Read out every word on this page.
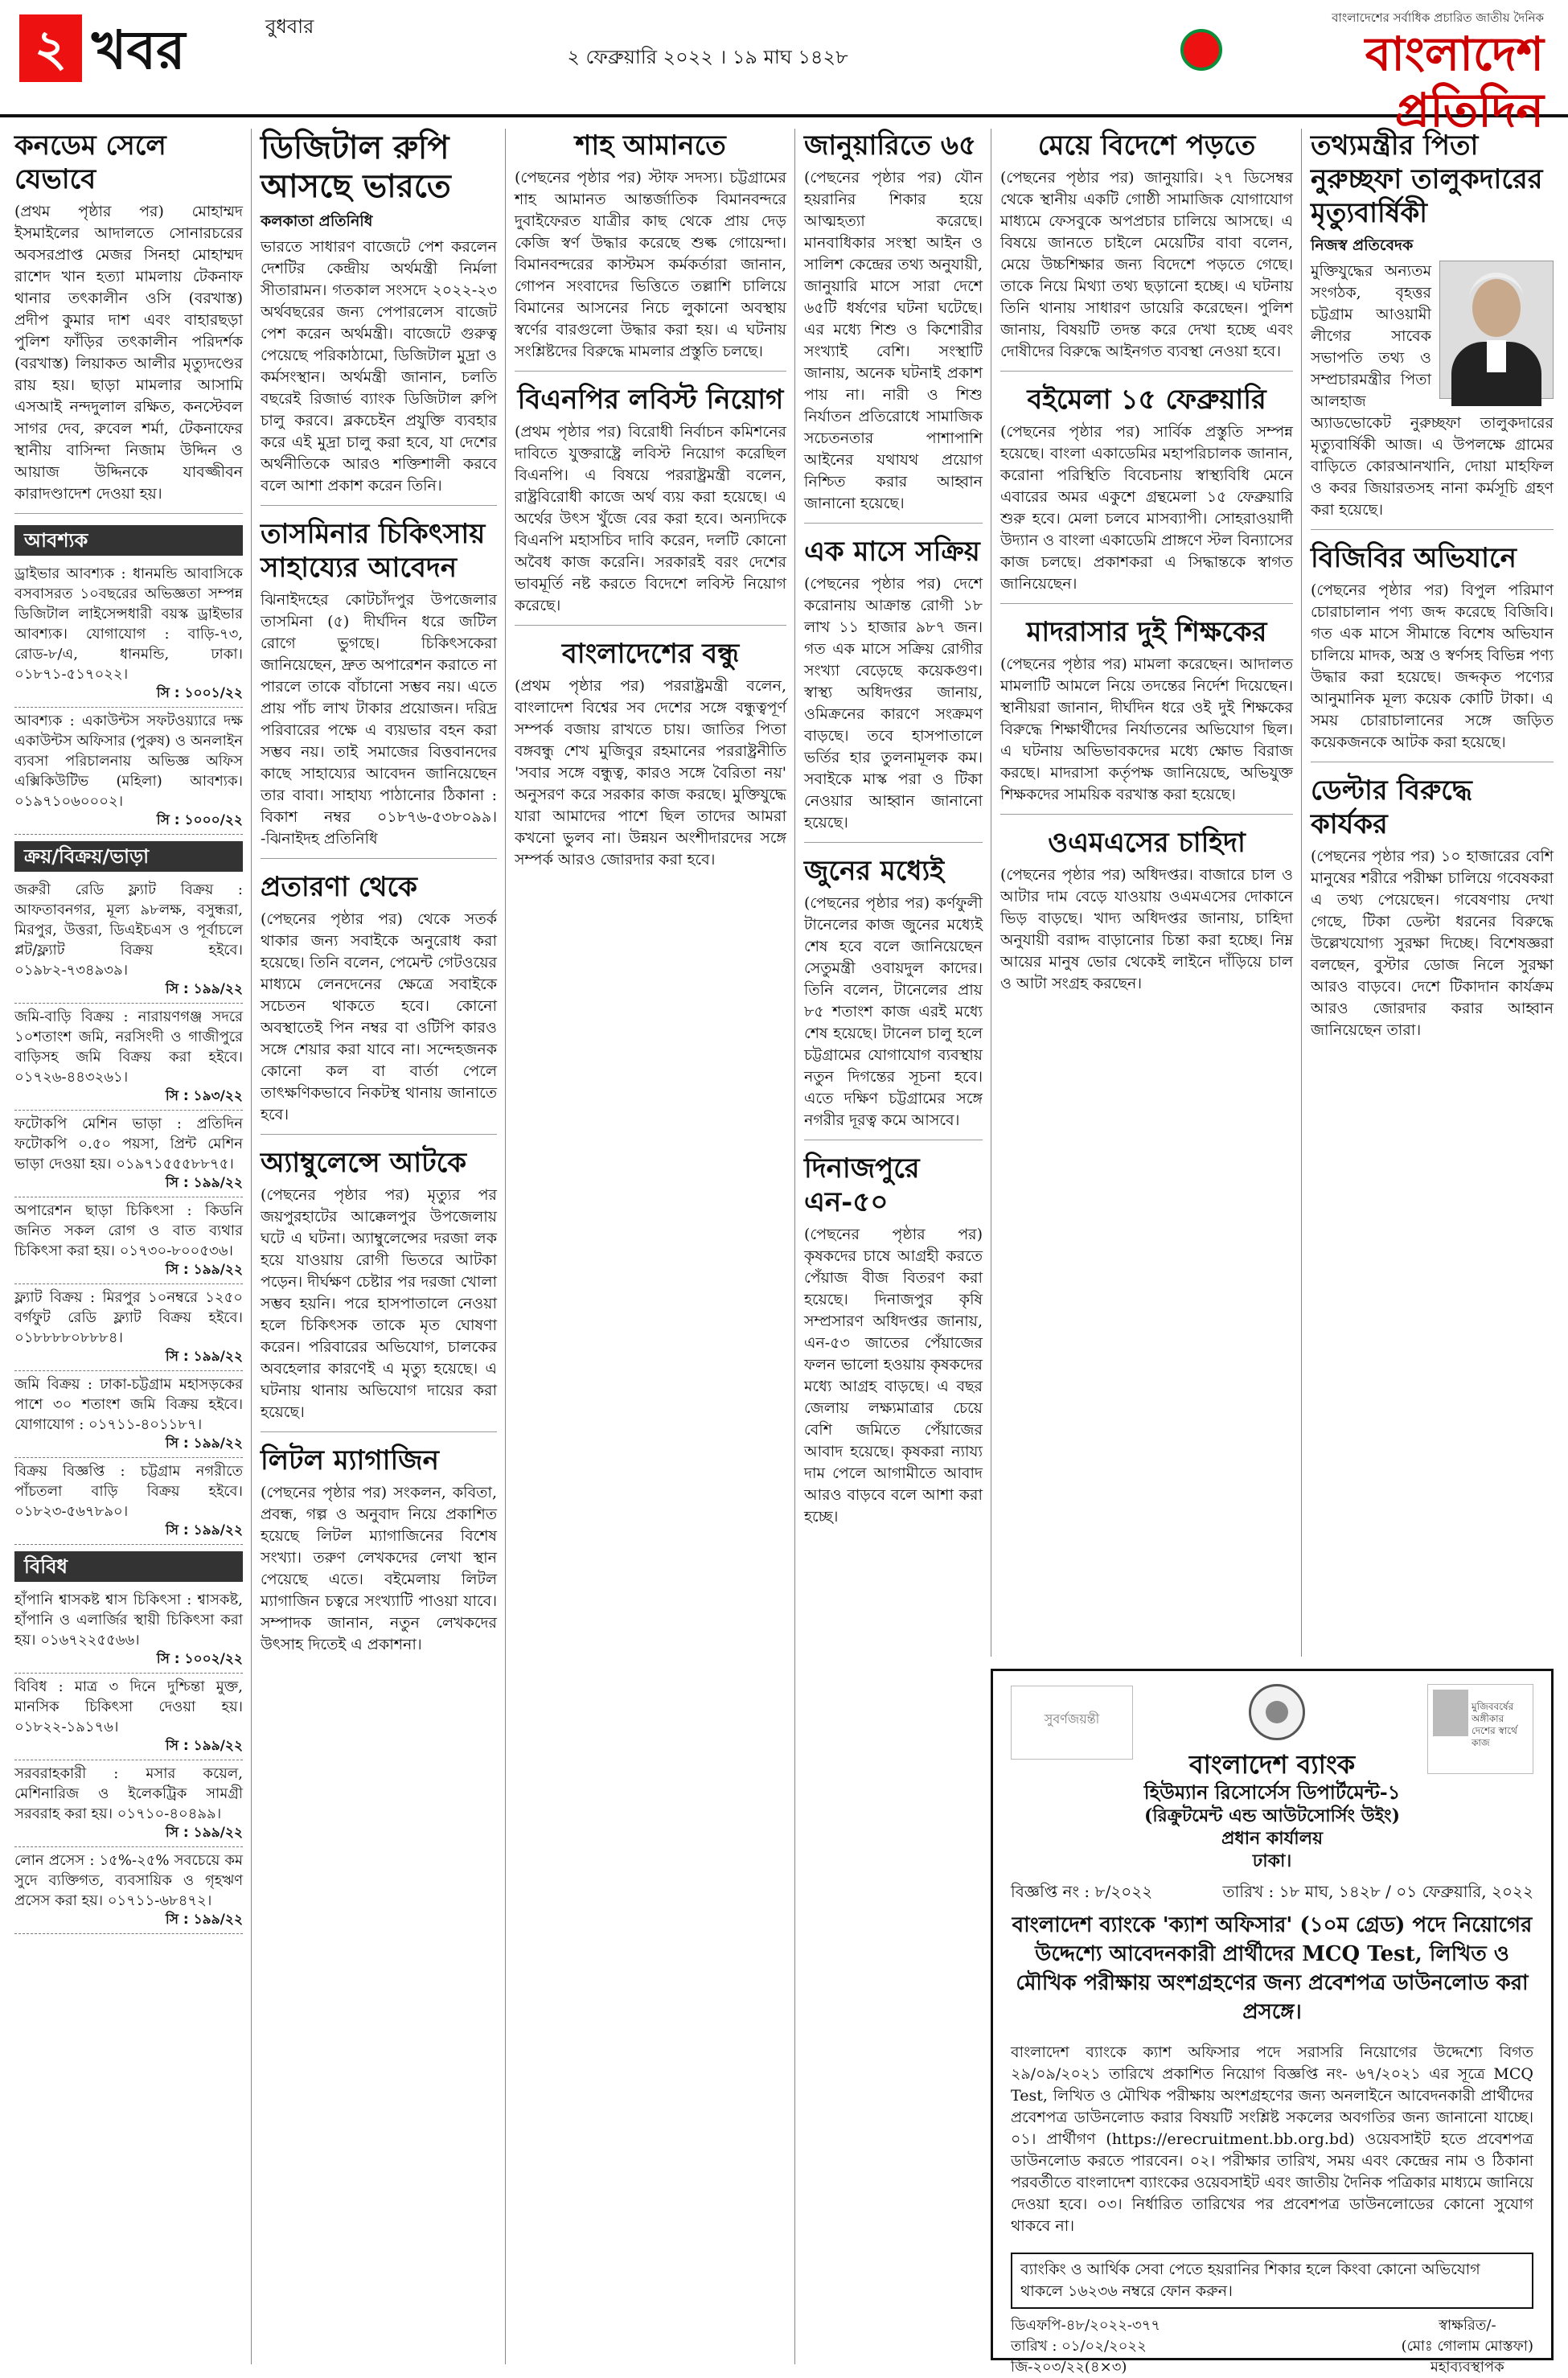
২ খবর	বুধবার
২ ফেব্রুয়ারি ২০২২ । ১৯ মাঘ ১৪২৮
বাংলাদেশের সর্বাধিক প্রচারিত জাতীয় দৈনিক
বাংলাদেশ প্রতিদিন
কনডেম সেলে যেভাবে

(প্রথম পৃষ্ঠার পর) মোহাম্মদ ইসমাইলের আদালতে সোনারচরের অবসরপ্রাপ্ত মেজর সিনহা মোহাম্মদ রাশেদ খান হত্যা মামলায় টেকনাফ থানার তৎকালীন ওসি (বরখাস্ত) প্রদীপ কুমার দাশ এবং বাহারছড়া পুলিশ ফাঁড়ির তৎকালীন পরিদর্শক (বরখাস্ত) লিয়াকত আলীর মৃত্যুদণ্ডের রায় হয়। ছাড়া মামলার আসামি এসআই নন্দদুলাল রক্ষিত, কনস্টেবল সাগর দেব, রুবেল শর্মা, টেকনাফের স্থানীয় বাসিন্দা নিজাম উদ্দিন ও আয়াজ উদ্দিনকে যাবজ্জীবন কারাদণ্ডাদেশ দেওয়া হয়।

আবশ্যক

ড্রাইভার আবশ্যক : ধানমন্ডি আবাসিকে বসবাসরত ১০বছরের অভিজ্ঞতা সম্পন্ন ডিজিটাল লাইসেন্সধারী বয়স্ক ড্রাইভার আবশ্যক। যোগাযোগ : বাড়ি-৭৩, রোড-৮/এ, ধানমন্ডি, ঢাকা। ০১৮৭১-৫১৭০২২।

সি : ১০০১/২২

আবশ্যক : একাউন্টস সফটওয়্যারে দক্ষ একাউন্টস অফিসার (পুরুষ) ও অনলাইন ব্যবসা পরিচালনায় অভিজ্ঞ অফিস এক্সিকিউটিভ (মহিলা) আবশ্যক। ০১৯৭১০৬০০০২।

সি : ১০০০/২২
ক্রয়/বিক্রয়/ভাড়া

জরুরী রেডি ফ্ল্যাট বিক্রয় : আফতাবনগর, মূল্য ৯৮লক্ষ, বসুন্ধরা, মিরপুর, উত্তরা, ডিএইচএস ও পূর্বাচলে প্লট/ফ্ল্যাট বিক্রয় হইবে। ০১৯৮২-৭৩৪৯৩৯।

সি : ১৯৯/২২

জমি-বাড়ি বিক্রয় : নারায়ণগঞ্জ সদরে ১০শতাংশ জমি, নরসিংদী ও গাজীপুরে বাড়িসহ জমি বিক্রয় করা হইবে। ০১৭২৬-৪৪৩২৬১।

সি : ১৯৩/২২

ফটোকপি মেশিন ভাড়া : প্রতিদিন ফটোকপি ০.৫০ পয়সা, প্রিন্ট মেশিন ভাড়া দেওয়া হয়। ০১৯৭১৫৫৫৮৮৭৫।

সি : ১৯৯/২২

অপারেশন ছাড়া চিকিৎসা : কিডনি জনিত সকল রোগ ও বাত ব্যথার চিকিৎসা করা হয়। ০১৭৩০-৮০০৫৩৬।

সি : ১৯৯/২২

ফ্ল্যাট বিক্রয় : মিরপুর ১০নম্বরে ১২৫০ বর্গফুট রেডি ফ্ল্যাট বিক্রয় হইবে। ০১৮৮৮৮০৮৮৮৪।

সি : ১৯৯/২২

জমি বিক্রয় : ঢাকা-চট্টগ্রাম মহাসড়কের পাশে ৩০ শতাংশ জমি বিক্রয় হইবে। যোগাযোগ : ০১৭১১-৪০১১৮৭।

সি : ১৯৯/২২

বিক্রয় বিজ্ঞপ্তি : চট্টগ্রাম নগরীতে পাঁচতলা বাড়ি বিক্রয় হইবে। ০১৮২৩-৫৬৭৮৯০।

সি : ১৯৯/২২
বিবিধ

হাঁপানি শ্বাসকষ্ট শ্বাস চিকিৎসা : শ্বাসকষ্ট, হাঁপানি ও এলার্জির স্থায়ী চিকিৎসা করা হয়। ০১৬৭২২৫৫৬৬।

সি : ১০০২/২২

বিবিধ : মাত্র ৩ দিনে দুশ্চিন্তা মুক্ত, মানসিক চিকিৎসা দেওয়া হয়। ০১৮২২-১৯১৭৬।

সি : ১৯৯/২২

সরবরাহকারী : মসার কয়েল, মেশিনারিজ ও ইলেকট্রিক সামগ্রী সরবরাহ করা হয়। ০১৭১০-৪০৪৯৯।

সি : ১৯৯/২২

লোন প্রসেস : ১৫%-২৫% সবচেয়ে কম সুদে ব্যক্তিগত, ব্যবসায়িক ও গৃহঋণ প্রসেস করা হয়। ০১৭১১-৬৮৪৭২।

সি : ১৯৯/২২
ডিজিটাল রুপি আসছে ভারতে
কলকাতা প্রতিনিধি

ভারতে সাধারণ বাজেটে পেশ করলেন দেশটির কেন্দ্রীয় অর্থমন্ত্রী নির্মলা সীতারামন। গতকাল সংসদে ২০২২-২৩ অর্থবছরের জন্য পেপারলেস বাজেট পেশ করেন অর্থমন্ত্রী। বাজেটে গুরুত্ব পেয়েছে পরিকাঠামো, ডিজিটাল মুদ্রা ও কর্মসংস্থান। অর্থমন্ত্রী জানান, চলতি বছরেই রিজার্ভ ব্যাংক ডিজিটাল রুপি চালু করবে। ব্লকচেইন প্রযুক্তি ব্যবহার করে এই মুদ্রা চালু করা হবে, যা দেশের অর্থনীতিকে আরও শক্তিশালী করবে বলে আশা প্রকাশ করেন তিনি।

তাসমিনার চিকিৎসায় সাহায্যের আবেদন

ঝিনাইদহের কোটচাঁদপুর উপজেলার তাসমিনা (৫) দীর্ঘদিন ধরে জটিল রোগে ভুগছে। চিকিৎসকেরা জানিয়েছেন, দ্রুত অপারেশন করাতে না পারলে তাকে বাঁচানো সম্ভব নয়। এতে প্রায় পাঁচ লাখ টাকার প্রয়োজন। দরিদ্র পরিবারের পক্ষে এ ব্যয়ভার বহন করা সম্ভব নয়। তাই সমাজের বিত্তবানদের কাছে সাহায্যের আবেদন জানিয়েছেন তার বাবা। সাহায্য পাঠানোর ঠিকানা : বিকাশ নম্বর ০১৮৭৬-৫৩৮০৯৯। -ঝিনাইদহ প্রতিনিধি

প্রতারণা থেকে

(পেছনের পৃষ্ঠার পর) থেকে সতর্ক থাকার জন্য সবাইকে অনুরোধ করা হয়েছে। তিনি বলেন, পেমেন্ট গেটওয়ের মাধ্যমে লেনদেনের ক্ষেত্রে সবাইকে সচেতন থাকতে হবে। কোনো অবস্থাতেই পিন নম্বর বা ওটিপি কারও সঙ্গে শেয়ার করা যাবে না। সন্দেহজনক কোনো কল বা বার্তা পেলে তাৎক্ষণিকভাবে নিকটস্থ থানায় জানাতে হবে।

অ্যাম্বুলেন্সে আটকে

(পেছনের পৃষ্ঠার পর) মৃত্যুর পর জয়পুরহাটের আক্কেলপুর উপজেলায় ঘটে এ ঘটনা। অ্যাম্বুলেন্সের দরজা লক হয়ে যাওয়ায় রোগী ভিতরে আটকা পড়েন। দীর্ঘক্ষণ চেষ্টার পর দরজা খোলা সম্ভব হয়নি। পরে হাসপাতালে নেওয়া হলে চিকিৎসক তাকে মৃত ঘোষণা করেন। পরিবারের অভিযোগ, চালকের অবহেলার কারণেই এ মৃত্যু হয়েছে। এ ঘটনায় থানায় অভিযোগ দায়ের করা হয়েছে।

লিটল ম্যাগাজিন

(পেছনের পৃষ্ঠার পর) সংকলন, কবিতা, প্রবন্ধ, গল্প ও অনুবাদ নিয়ে প্রকাশিত হয়েছে লিটল ম্যাগাজিনের বিশেষ সংখ্যা। তরুণ লেখকদের লেখা স্থান পেয়েছে এতে। বইমেলায় লিটল ম্যাগাজিন চত্বরে সংখ্যাটি পাওয়া যাবে। সম্পাদক জানান, নতুন লেখকদের উৎসাহ দিতেই এ প্রকাশনা।

শাহ আমানতে

(পেছনের পৃষ্ঠার পর) স্টাফ সদস্য। চট্টগ্রামের শাহ আমানত আন্তর্জাতিক বিমানবন্দরে দুবাইফেরত যাত্রীর কাছ থেকে প্রায় দেড় কেজি স্বর্ণ উদ্ধার করেছে শুল্ক গোয়েন্দা। বিমানবন্দরের কাস্টমস কর্মকর্তারা জানান, গোপন সংবাদের ভিত্তিতে তল্লাশি চালিয়ে বিমানের আসনের নিচে লুকানো অবস্থায় স্বর্ণের বারগুলো উদ্ধার করা হয়। এ ঘটনায় সংশ্লিষ্টদের বিরুদ্ধে মামলার প্রস্তুতি চলছে।

বিএনপির লবিস্ট নিয়োগ

(প্রথম পৃষ্ঠার পর) বিরোধী নির্বাচন কমিশনের দাবিতে যুক্তরাষ্ট্রে লবিস্ট নিয়োগ করেছিল বিএনপি। এ বিষয়ে পররাষ্ট্রমন্ত্রী বলেন, রাষ্ট্রবিরোধী কাজে অর্থ ব্যয় করা হয়েছে। এ অর্থের উৎস খুঁজে বের করা হবে। অন্যদিকে বিএনপি মহাসচিব দাবি করেন, দলটি কোনো অবৈধ কাজ করেনি। সরকারই বরং দেশের ভাবমূর্তি নষ্ট করতে বিদেশে লবিস্ট নিয়োগ করেছে।

বাংলাদেশের বন্ধু

(প্রথম পৃষ্ঠার পর) পররাষ্ট্রমন্ত্রী বলেন, বাংলাদেশ বিশ্বের সব দেশের সঙ্গে বন্ধুত্বপূর্ণ সম্পর্ক বজায় রাখতে চায়। জাতির পিতা বঙ্গবন্ধু শেখ মুজিবুর রহমানের পররাষ্ট্রনীতি 'সবার সঙ্গে বন্ধুত্ব, কারও সঙ্গে বৈরিতা নয়' অনুসরণ করে সরকার কাজ করছে। মুক্তিযুদ্ধে যারা আমাদের পাশে ছিল তাদের আমরা কখনো ভুলব না। উন্নয়ন অংশীদারদের সঙ্গে সম্পর্ক আরও জোরদার করা হবে।

জানুয়ারিতে ৬৫

(পেছনের পৃষ্ঠার পর) যৌন হয়রানির শিকার হয়ে আত্মহত্যা করেছে। মানবাধিকার সংস্থা আইন ও সালিশ কেন্দ্রের তথ্য অনুযায়ী, জানুয়ারি মাসে সারা দেশে ৬৫টি ধর্ষণের ঘটনা ঘটেছে। এর মধ্যে শিশু ও কিশোরীর সংখ্যাই বেশি। সংস্থাটি জানায়, অনেক ঘটনাই প্রকাশ পায় না। নারী ও শিশু নির্যাতন প্রতিরোধে সামাজিক সচেতনতার পাশাপাশি আইনের যথাযথ প্রয়োগ নিশ্চিত করার আহ্বান জানানো হয়েছে।

এক মাসে সক্রিয়

(পেছনের পৃষ্ঠার পর) দেশে করোনায় আক্রান্ত রোগী ১৮ লাখ ১১ হাজার ৯৮৭ জন। গত এক মাসে সক্রিয় রোগীর সংখ্যা বেড়েছে কয়েকগুণ। স্বাস্থ্য অধিদপ্তর জানায়, ওমিক্রনের কারণে সংক্রমণ বাড়ছে। তবে হাসপাতালে ভর্তির হার তুলনামূলক কম। সবাইকে মাস্ক পরা ও টিকা নেওয়ার আহ্বান জানানো হয়েছে।

জুনের মধ্যেই

(পেছনের পৃষ্ঠার পর) কর্ণফুলী টানেলের কাজ জুনের মধ্যেই শেষ হবে বলে জানিয়েছেন সেতুমন্ত্রী ওবায়দুল কাদের। তিনি বলেন, টানেলের প্রায় ৮৫ শতাংশ কাজ এরই মধ্যে শেষ হয়েছে। টানেল চালু হলে চট্টগ্রামের যোগাযোগ ব্যবস্থায় নতুন দিগন্তের সূচনা হবে। এতে দক্ষিণ চট্টগ্রামের সঙ্গে নগরীর দূরত্ব কমে আসবে।

দিনাজপুরে এন-৫০

(পেছনের পৃষ্ঠার পর) কৃষকদের চাষে আগ্রহী করতে পেঁয়াজ বীজ বিতরণ করা হয়েছে। দিনাজপুর কৃষি সম্প্রসারণ অধিদপ্তর জানায়, এন-৫৩ জাতের পেঁয়াজের ফলন ভালো হওয়ায় কৃষকদের মধ্যে আগ্রহ বাড়ছে। এ বছর জেলায় লক্ষ্যমাত্রার চেয়ে বেশি জমিতে পেঁয়াজের আবাদ হয়েছে। কৃষকরা ন্যায্য দাম পেলে আগামীতে আবাদ আরও বাড়বে বলে আশা করা হচ্ছে।

মেয়ে বিদেশে পড়তে

(পেছনের পৃষ্ঠার পর) জানুয়ারি। ২৭ ডিসেম্বর থেকে স্থানীয় একটি গোষ্ঠী সামাজিক যোগাযোগ মাধ্যমে ফেসবুকে অপপ্রচার চালিয়ে আসছে। এ বিষয়ে জানতে চাইলে মেয়েটির বাবা বলেন, মেয়ে উচ্চশিক্ষার জন্য বিদেশে পড়তে গেছে। তাকে নিয়ে মিথ্যা তথ্য ছড়ানো হচ্ছে। এ ঘটনায় তিনি থানায় সাধারণ ডায়েরি করেছেন। পুলিশ জানায়, বিষয়টি তদন্ত করে দেখা হচ্ছে এবং দোষীদের বিরুদ্ধে আইনগত ব্যবস্থা নেওয়া হবে।

বইমেলা ১৫ ফেব্রুয়ারি

(পেছনের পৃষ্ঠার পর) সার্বিক প্রস্তুতি সম্পন্ন হয়েছে। বাংলা একাডেমির মহাপরিচালক জানান, করোনা পরিস্থিতি বিবেচনায় স্বাস্থ্যবিধি মেনে এবারের অমর একুশে গ্রন্থমেলা ১৫ ফেব্রুয়ারি শুরু হবে। মেলা চলবে মাসব্যাপী। সোহরাওয়ার্দী উদ্যান ও বাংলা একাডেমি প্রাঙ্গণে স্টল বিন্যাসের কাজ চলছে। প্রকাশকরা এ সিদ্ধান্তকে স্বাগত জানিয়েছেন।

মাদরাসার দুই শিক্ষকের

(পেছনের পৃষ্ঠার পর) মামলা করেছেন। আদালত মামলাটি আমলে নিয়ে তদন্তের নির্দেশ দিয়েছেন। স্থানীয়রা জানান, দীর্ঘদিন ধরে ওই দুই শিক্ষকের বিরুদ্ধে শিক্ষার্থীদের নির্যাতনের অভিযোগ ছিল। এ ঘটনায় অভিভাবকদের মধ্যে ক্ষোভ বিরাজ করছে। মাদরাসা কর্তৃপক্ষ জানিয়েছে, অভিযুক্ত শিক্ষকদের সাময়িক বরখাস্ত করা হয়েছে।

ওএমএসের চাহিদা

(পেছনের পৃষ্ঠার পর) অধিদপ্তর। বাজারে চাল ও আটার দাম বেড়ে যাওয়ায় ওএমএসের দোকানে ভিড় বাড়ছে। খাদ্য অধিদপ্তর জানায়, চাহিদা অনুযায়ী বরাদ্দ বাড়ানোর চিন্তা করা হচ্ছে। নিম্ন আয়ের মানুষ ভোর থেকেই লাইনে দাঁড়িয়ে চাল ও আটা সংগ্রহ করছেন।

তথ্যমন্ত্রীর পিতা নুরুচ্ছফা তালুকদারের মৃত্যুবার্ষিকী
নিজস্ব প্রতিবেদক

মুক্তিযুদ্ধের অন্যতম সংগঠক, বৃহত্তর চট্টগ্রাম আওয়ামী লীগের সাবেক সভাপতি তথ্য ও সম্প্রচারমন্ত্রীর পিতা আলহাজ অ্যাডভোকেট নুরুচ্ছফা তালুকদারের মৃত্যুবার্ষিকী আজ। এ উপলক্ষে গ্রামের বাড়িতে কোরআনখানি, দোয়া মাহফিল ও কবর জিয়ারতসহ নানা কর্মসূচি গ্রহণ করা হয়েছে।

বিজিবির অভিযানে

(পেছনের পৃষ্ঠার পর) বিপুল পরিমাণ চোরাচালান পণ্য জব্দ করেছে বিজিবি। গত এক মাসে সীমান্তে বিশেষ অভিযান চালিয়ে মাদক, অস্ত্র ও স্বর্ণসহ বিভিন্ন পণ্য উদ্ধার করা হয়েছে। জব্দকৃত পণ্যের আনুমানিক মূল্য কয়েক কোটি টাকা। এ সময় চোরাচালানের সঙ্গে জড়িত কয়েকজনকে আটক করা হয়েছে।

ডেল্টার বিরুদ্ধে কার্যকর

(পেছনের পৃষ্ঠার পর) ১০ হাজারের বেশি মানুষের শরীরে পরীক্ষা চালিয়ে গবেষকরা এ তথ্য পেয়েছেন। গবেষণায় দেখা গেছে, টিকা ডেল্টা ধরনের বিরুদ্ধে উল্লেখযোগ্য সুরক্ষা দিচ্ছে। বিশেষজ্ঞরা বলছেন, বুস্টার ডোজ নিলে সুরক্ষা আরও বাড়বে। দেশে টিকাদান কার্যক্রম আরও জোরদার করার আহ্বান জানিয়েছেন তারা।

সুবর্ণজয়ন্তী
মুজিববর্ষের অঙ্গীকার দেশের স্বার্থে কাজ
বাংলাদেশ ব্যাংক
হিউম্যান রিসোর্সেস ডিপার্টমেন্ট-১
(রিক্রুটমেন্ট এন্ড আউটসোর্সিং উইং)
প্রধান কার্যালয়
ঢাকা।
বিজ্ঞপ্তি নং : ৮/২০২২	তারিখ : ১৮ মাঘ, ১৪২৮ / ০১ ফেব্রুয়ারি, ২০২২
বাংলাদেশ ব্যাংকে 'ক্যাশ অফিসার' (১০ম গ্রেড) পদে নিয়োগের উদ্দেশ্যে আবেদনকারী প্রার্থীদের MCQ Test, লিখিত ও মৌখিক পরীক্ষায় অংশগ্রহণের জন্য প্রবেশপত্র ডাউনলোড করা প্রসঙ্গে।

বাংলাদেশ ব্যাংকে ক্যাশ অফিসার পদে সরাসরি নিয়োগের উদ্দেশ্যে বিগত ২৯/০৯/২০২১ তারিখে প্রকাশিত নিয়োগ বিজ্ঞপ্তি নং- ৬৭/২০২১ এর সূত্রে MCQ Test, লিখিত ও মৌখিক পরীক্ষায় অংশগ্রহণের জন্য অনলাইনে আবেদনকারী প্রার্থীদের প্রবেশপত্র ডাউনলোড করার বিষয়টি সংশ্লিষ্ট সকলের অবগতির জন্য জানানো যাচ্ছে। ০১। প্রার্থীগণ (https://erecruitment.bb.org.bd) ওয়েবসাইট হতে প্রবেশপত্র ডাউনলোড করতে পারবেন। ০২। পরীক্ষার তারিখ, সময় এবং কেন্দ্রের নাম ও ঠিকানা পরবর্তীতে বাংলাদেশ ব্যাংকের ওয়েবসাইট এবং জাতীয় দৈনিক পত্রিকার মাধ্যমে জানিয়ে দেওয়া হবে। ০৩। নির্ধারিত তারিখের পর প্রবেশপত্র ডাউনলোডের কোনো সুযোগ থাকবে না।

ব্যাংকিং ও আর্থিক সেবা পেতে হয়রানির শিকার হলে কিংবা কোনো অভিযোগ থাকলে ১৬২৩৬ নম্বরে ফোন করুন।
ডিএফপি-৪৮/২০২২-৩৭৭
তারিখ : ০১/০২/২০২২
জি-২০৩/২২(৪×৩)
স্বাক্ষরিত/-
(মোঃ গোলাম মোস্তফা)
মহাব্যবস্থাপক
